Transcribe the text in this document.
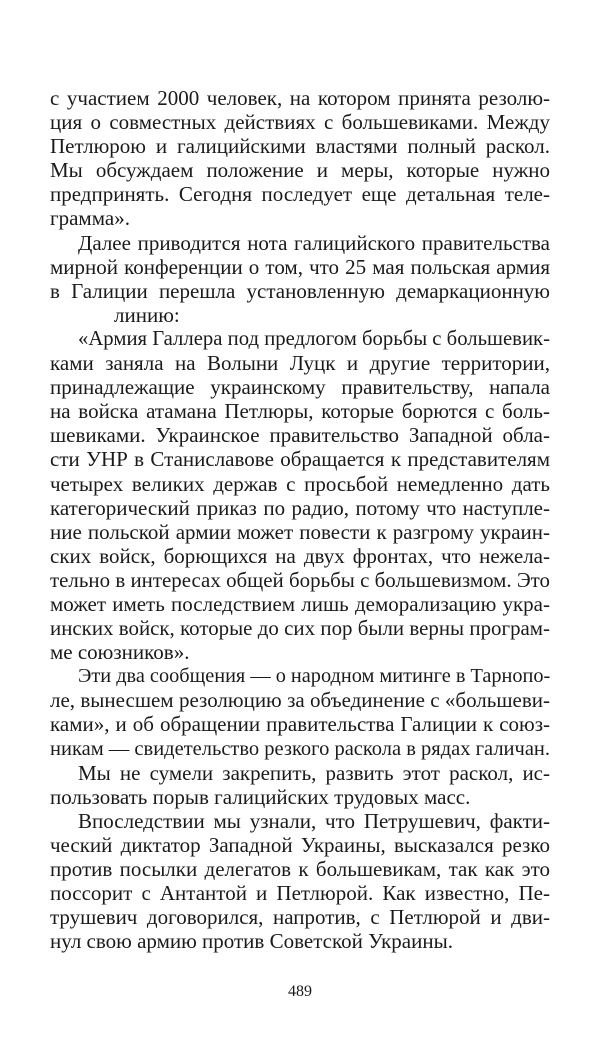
с участием 2000 человек, на котором принята резолю-
ция о совместных действиях с большевиками. Между
Петлюрою и галицийскими властями полный раскол.
Мы обсуждаем положение и меры, которые нужно
предпринять. Сегодня последует еще детальная теле-
грамма».
Далее приводится нота галицийского правительства
мирной конференции о том, что 25 мая польская армия
в Галиции перешла установленную демаркационную
линию:
«Армия Галлера под предлогом борьбы с большевик-
ками заняла на Волыни Луцк и другие территории,
принадлежащие украинскому правительству, напала
на войска атамана Петлюры, которые борются с боль-
шевиками. Украинское правительство Западной обла-
сти УНР в Станиславове обращается к представителям
четырех великих держав с просьбой немедленно дать
категорический приказ по радио, потому что наступле-
ние польской армии может повести к разгрому украин-
ских войск, борющихся на двух фронтах, что нежела-
тельно в интересах общей борьбы с большевизмом. Это
может иметь последствием лишь деморализацию укра-
инских войск, которые до сих пор были верны програм-
ме союзников».
Эти два сообщения — о народном митинге в Тарнопо-
ле, вынесшем резолюцию за объединение с «большеви-
ками», и об обращении правительства Галиции к союз-
никам — свидетельство резкого раскола в рядах галичан.
Мы не сумели закрепить, развить этот раскол, ис-
пользовать порыв галицийских трудовых масс.
Впоследствии мы узнали, что Петрушевич, факти-
ческий диктатор Западной Украины, высказался резко
против посылки делегатов к большевикам, так как это
поссорит с Антантой и Петлюрой. Как известно, Пе-
трушевич договорился, напротив, с Петлюрой и дви-
нул свою армию против Советской Украины.
489
